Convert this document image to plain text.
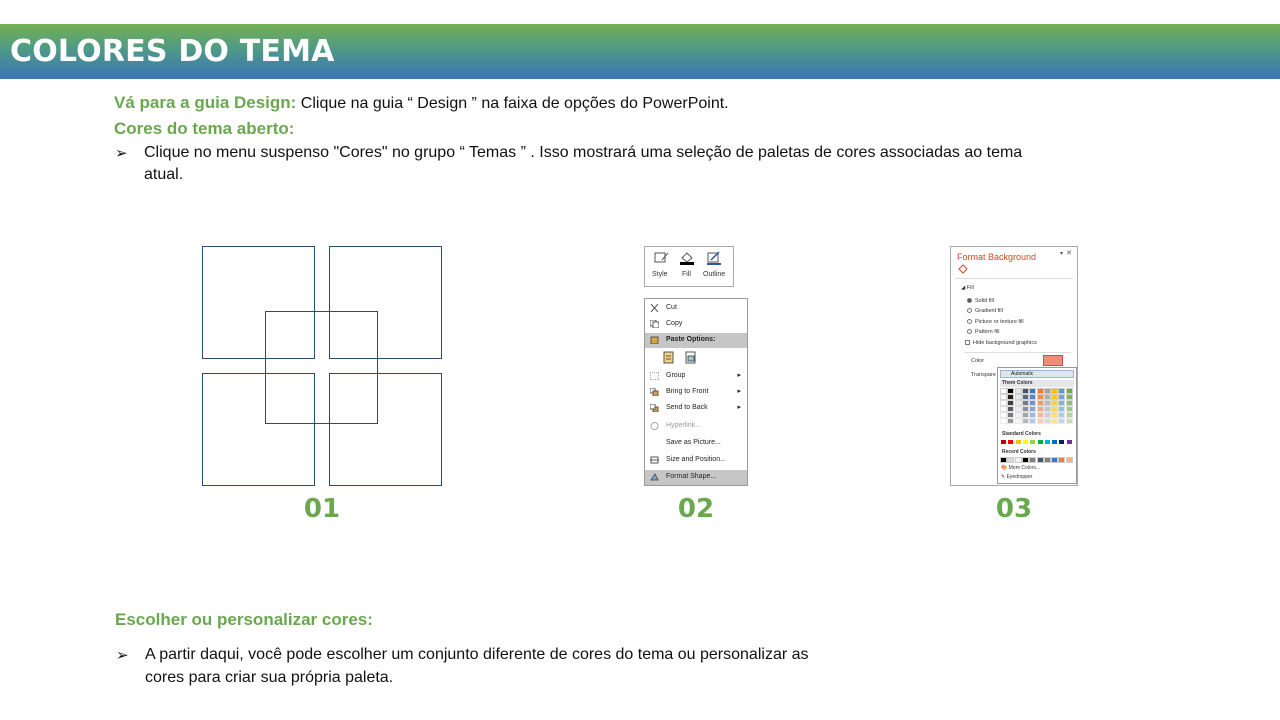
COLORES DO TEMA
Vá para a guia Design: Clique na guia “ Design ” na faixa de opções do PowerPoint.
Cores do tema aberto:
➢ Clique no menu suspenso "Cores" no grupo “ Temas ” . Isso mostrará uma seleção de paletas de cores associadas ao tema
atual.
01
Style Fill Outline
Cut
Copy
Paste Options:
Group	▸
Bring to Front	▸
Send to Back	▸
Hyperlink...
Save as Picture...
Size and Position...
Format Shape...
02
Format Background	▾ ✕
◢ Fill
Solid fill
Gradient fill
Picture or texture fill
Pattern fill
Hide background graphics
Color
Transpare	Automatic
Them Colors
Standard Colors
Recent Colors
🎨 More Colors...
✎ Eyedropper
03
Escolher ou personalizar cores:
➢ A partir daqui, você pode escolher um conjunto diferente de cores do tema ou personalizar as
cores para criar sua própria paleta.
